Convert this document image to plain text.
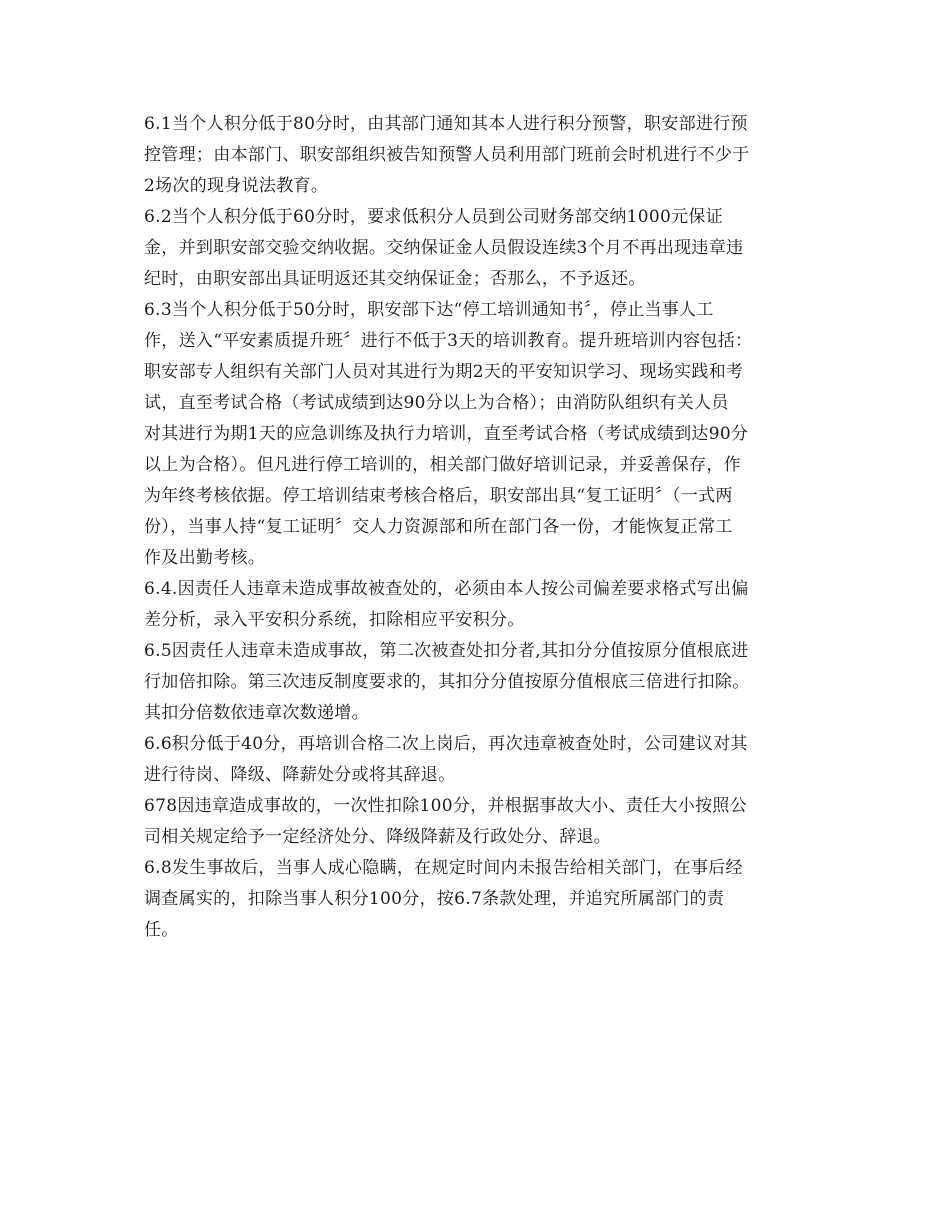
6.1当个人积分低于80分时，由其部门通知其本人进行积分预警，职安部进行预
控管理；由本部门、职安部组织被告知预警人员利用部门班前会时机进行不少于
2场次的现身说法教育。
6.2当个人积分低于60分时，要求低积分人员到公司财务部交纳1000元保证
金，并到职安部交验交纳收据。交纳保证金人员假设连续3个月不再出现违章违
纪时，由职安部出具证明返还其交纳保证金；否那么，不予返还。
6.3当个人积分低于50分时，职安部下达“停工培训通知书〞，停止当事人工
作，送入“平安素质提升班〞进行不低于3天的培训教育。提升班培训内容包括：
职安部专人组织有关部门人员对其进行为期2天的平安知识学习、现场实践和考
试，直至考试合格（考试成绩到达90分以上为合格）；由消防队组织有关人员
对其进行为期1天的应急训练及执行力培训，直至考试合格（考试成绩到达90分
以上为合格）。但凡进行停工培训的，相关部门做好培训记录，并妥善保存，作
为年终考核依据。停工培训结束考核合格后，职安部出具“复工证明〞（一式两
份），当事人持“复工证明〞交人力资源部和所在部门各一份，才能恢复正常工
作及出勤考核。
6.4.因责任人违章未造成事故被查处的，必须由本人按公司偏差要求格式写出偏
差分析，录入平安积分系统，扣除相应平安积分。
6.5因责任人违章未造成事故，第二次被查处扣分者,其扣分分值按原分值根底进
行加倍扣除。第三次违反制度要求的，其扣分分值按原分值根底三倍进行扣除。
其扣分倍数依违章次数递增。
6.6积分低于40分，再培训合格二次上岗后，再次违章被查处时，公司建议对其
进行待岗、降级、降薪处分或将其辞退。
678因违章造成事故的，一次性扣除100分，并根据事故大小、责任大小按照公
司相关规定给予一定经济处分、降级降薪及行政处分、辞退。
6.8发生事故后，当事人成心隐瞒，在规定时间内未报告给相关部门，在事后经
调查属实的，扣除当事人积分100分，按6.7条款处理，并追究所属部门的责
任。
